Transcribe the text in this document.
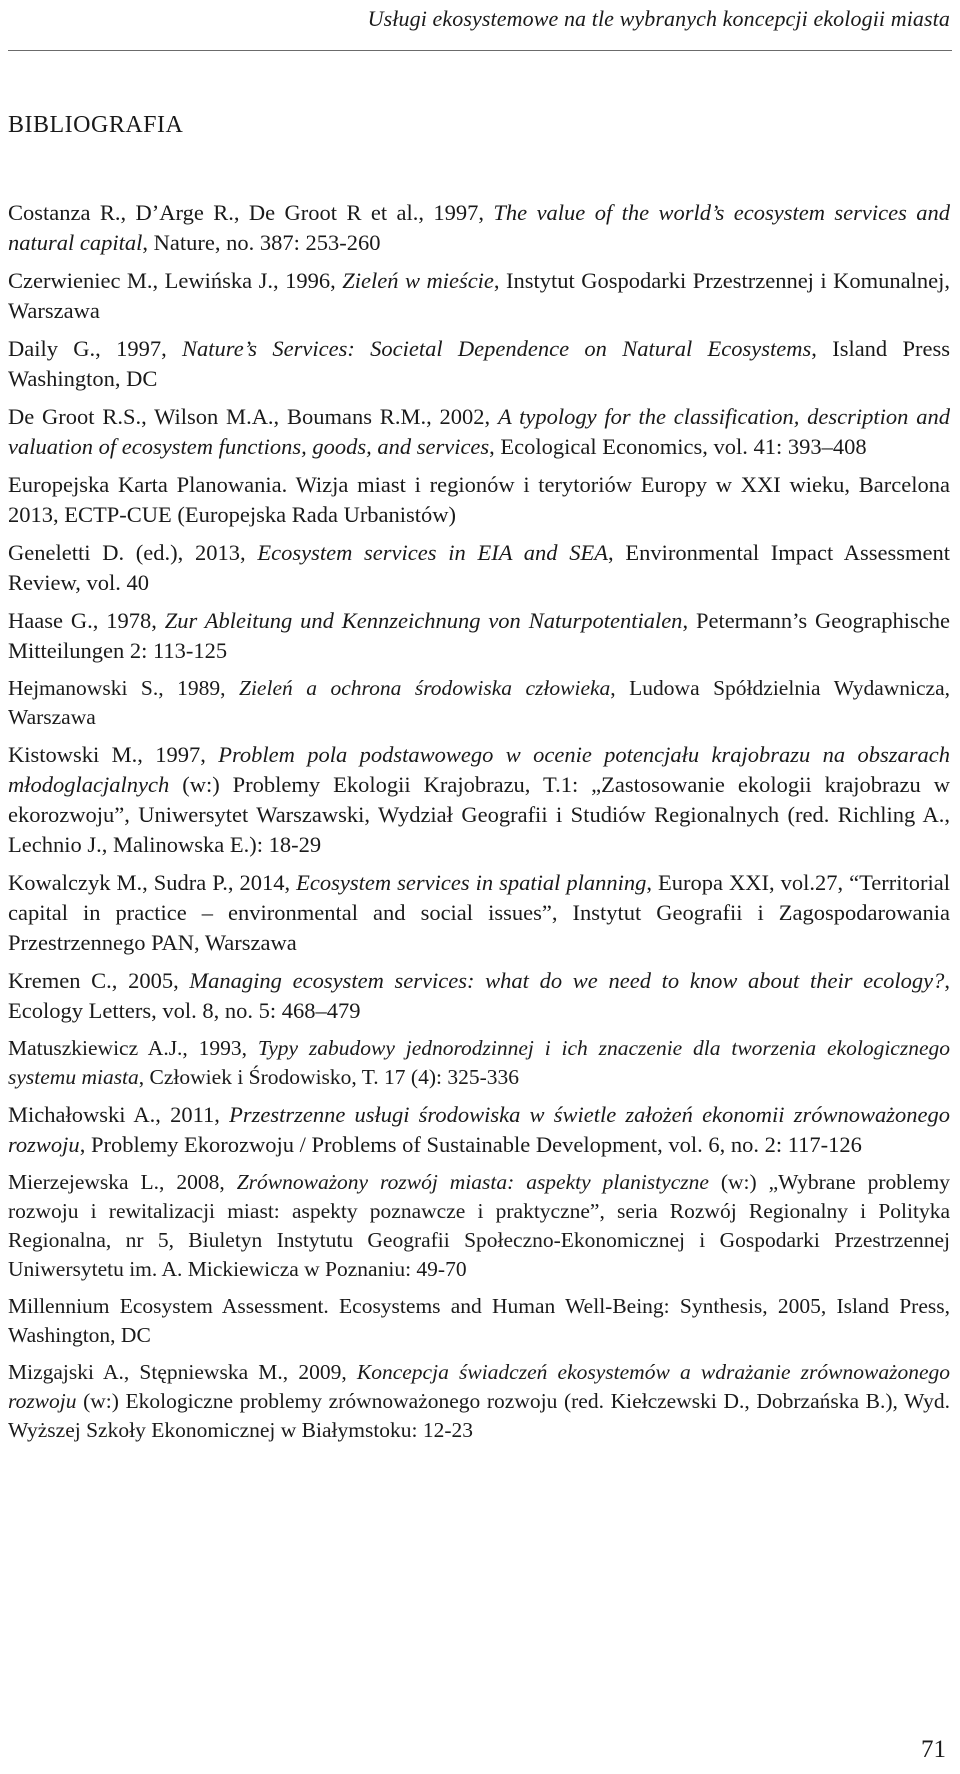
Usługi ekosystemowe na tle wybranych koncepcji ekologii miasta
BIBLIOGRAFIA

Costanza R., D’Arge R., De Groot R et al., 1997, The value of the world’s ecosystem services and natural capital, Nature, no. 387: 253-260

Czerwieniec M., Lewińska J., 1996, Zieleń w mieście, Instytut Gospodarki Przestrzennej i Komunalnej, Warszawa

Daily G., 1997, Nature’s Services: Societal Dependence on Natural Ecosystems, Island Press Washington, DC

De Groot R.S., Wilson M.A., Boumans R.M., 2002, A typology for the classification, description and valuation of ecosystem functions, goods, and services, Ecological Economics, vol. 41: 393–408

Europejska Karta Planowania. Wizja miast i regionów i terytoriów Europy w XXI wieku, Barcelona 2013, ECTP-CUE (Europejska Rada Urbanistów)

Geneletti D. (ed.), 2013, Ecosystem services in EIA and SEA, Environmental Impact Assessment Review, vol. 40

Haase G., 1978, Zur Ableitung und Kennzeichnung von Naturpotentialen, Petermann’s Geographische Mitteilungen 2: 113-125

Hejmanowski S., 1989, Zieleń a ochrona środowiska człowieka, Ludowa Spółdzielnia Wydawnicza, Warszawa

Kistowski M., 1997, Problem pola podstawowego w ocenie potencjału krajobrazu na obszarach młodoglacjalnych (w:) Problemy Ekologii Krajobrazu, T.1: „Zastosowanie ekologii krajobrazu w ekorozwoju”, Uniwersytet Warszawski, Wydział Geografii i Studiów Regionalnych (red. Richling A., Lechnio J., Malinowska E.): 18-29

Kowalczyk M., Sudra P., 2014, Ecosystem services in spatial planning, Europa XXI, vol.27, “Territorial capital in practice – environmental and social issues”, Instytut Geografii i Zagospodarowania Przestrzennego PAN, Warszawa

Kremen C., 2005, Managing ecosystem services: what do we need to know about their ecology?, Ecology Letters, vol. 8, no. 5: 468–479

Matuszkiewicz A.J., 1993, Typy zabudowy jednorodzinnej i ich znaczenie dla tworzenia ekologicznego systemu miasta, Człowiek i Środowisko, T. 17 (4): 325-336

Michałowski A., 2011, Przestrzenne usługi środowiska w świetle założeń ekonomii zrównoważonego rozwoju, Problemy Ekorozwoju / Problems of Sustainable Development, vol. 6, no. 2: 117-126

Mierzejewska L., 2008, Zrównoważony rozwój miasta: aspekty planistyczne (w:) „Wybrane problemy rozwoju i rewitalizacji miast: aspekty poznawcze i praktyczne”, seria Rozwój Regionalny i Polityka Regionalna, nr 5, Biuletyn Instytutu Geografii Społeczno-Ekonomicznej i Gospodarki Przestrzennej Uniwersytetu im. A. Mickiewicza w Poznaniu: 49-70

Millennium Ecosystem Assessment. Ecosystems and Human Well-Being: Synthesis, 2005, Island Press, Washington, DC

Mizgajski A., Stępniewska M., 2009, Koncepcja świadczeń ekosystemów a wdrażanie zrównoważonego rozwoju (w:) Ekologiczne problemy zrównoważonego rozwoju (red. Kiełczewski D., Dobrzańska B.), Wyd. Wyższej Szkoły Ekonomicznej w Białymstoku: 12-23

71
